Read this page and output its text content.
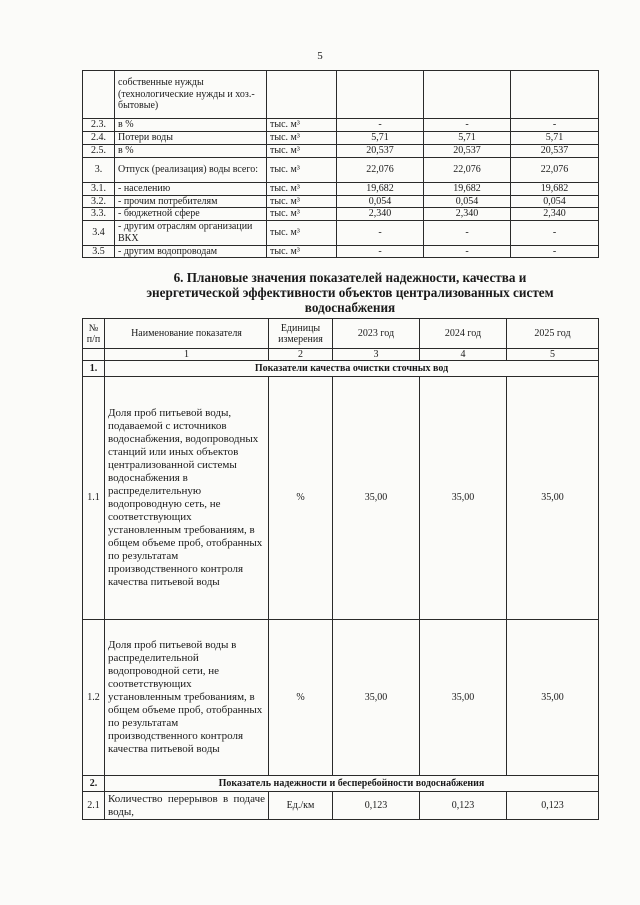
5
	собственные нужды (технологические нужды и хоз.-бытовые)				
2.3.	в %	тыс. м³	-	-	-
2.4.	Потери воды	тыс. м³	5,71	5,71	5,71
2.5.	в %	тыс. м³	20,537	20,537	20,537
3.	Отпуск (реализация) воды всего:	тыс. м³	22,076	22,076	22,076
3.1.	- населению	тыс. м³	19,682	19,682	19,682
3.2.	- прочим потребителям	тыс. м³	0,054	0,054	0,054
3.3.	- бюджетной сфере	тыс. м³	2,340	2,340	2,340
3.4	- другим отраслям организации ВКХ	тыс. м³	-	-	-
3.5	- другим водопроводам	тыс. м³	-	-	-
6. Плановые значения показателей надежности, качества и энергетической эффективности объектов централизованных систем водоснабжения
№ п/п	Наименование показателя	Единицы измерения	2023 год	2024 год	2025 год
	1	2	3	4	5
1.	Показатели качества очистки сточных вод				
1.1	Доля проб питьевой воды, подаваемой с источников водоснабжения, водопроводных станций или иных объектов централизованной системы водоснабжения в распределительную водопроводную сеть, не соответствующих установленным требованиям, в общем объеме проб, отобранных по результатам производственного контроля качества питьевой воды	%	35,00	35,00	35,00
1.2	Доля проб питьевой воды в распределительной водопроводной сети, не соответствующих установленным требованиям, в общем объеме проб, отобранных по результатам производственного контроля качества питьевой воды	%	35,00	35,00	35,00
2.	Показатель надежности и бесперебойности водоснабжения				
2.1	Количество перерывов в подаче воды,	Ед./км	0,123	0,123	0,123
